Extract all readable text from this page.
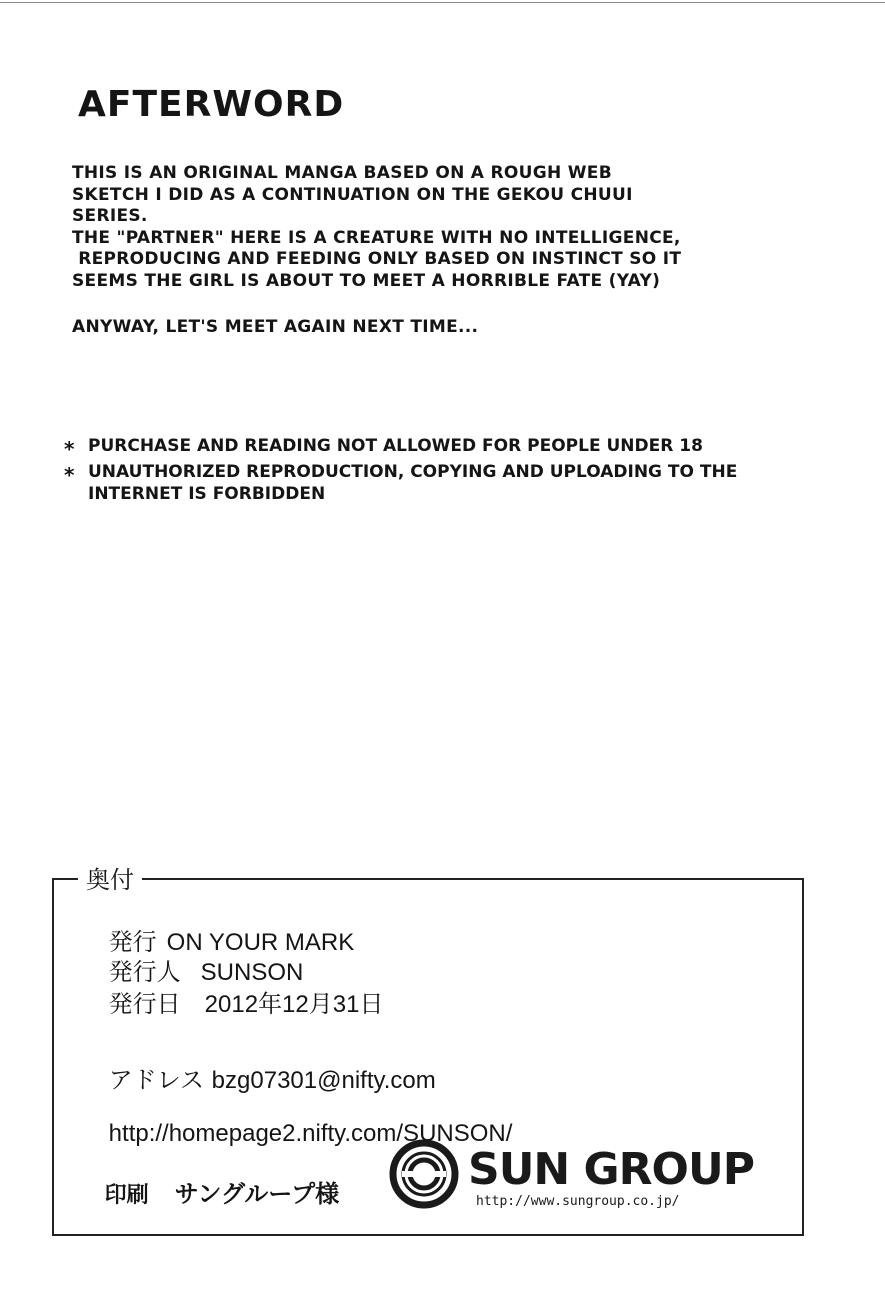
AFTERWORD
THIS IS AN ORIGINAL MANGA BASED ON A ROUGH WEB
SKETCH I DID AS A CONTINUATION ON THE GEKOU CHUUI
SERIES.
THE "PARTNER" HERE IS A CREATURE WITH NO INTELLIGENCE,
REPRODUCING AND FEEDING ONLY BASED ON INSTINCT SO IT
SEEMS THE GIRL IS ABOUT TO MEET A HORRIBLE FATE (YAY)
ANYWAY, LET'S MEET AGAIN NEXT TIME...
* PURCHASE AND READING NOT ALLOWED FOR PEOPLE UNDER 18
* UNAUTHORIZED REPRODUCTION, COPYING AND UPLOADING TO THE
INTERNET IS FORBIDDEN
奥付

発行 ON YOUR MARK

発行人 SUNSON

発行日 2012年12月31日

アドレス bzg07301@nifty.com

http://homepage2.nifty.com/SUNSON/

印刷 サングループ様
	SUN GROUP
http://www.sungroup.co.jp/
